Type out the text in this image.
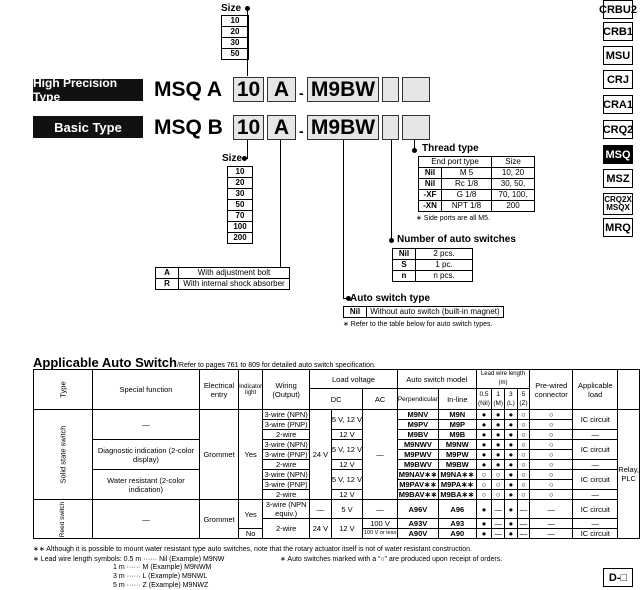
CRBU2
CRB1
MSU
CRJ
CRA1
CRQ2
MSQ
MSZ
CRQ2X MSQX
MRQ
D-□
Size
10
20
30
50
High Precision Type	MSQ A 10 A - M9BW
Basic Type	MSQ B 10 A - M9BW
Size
10
20
30
50
70
100
200
A	With adjustment bolt
R	With internal shock absorber
Thread type
End port type		Size
Nil	M 5	10, 20
Nil	Rc 1/8	30, 50,
-XF	G 1/8	70, 100,
-XN	NPT 1/8	200
∗ Side ports are all M5.
Number of auto switches
Nil	2 pcs.
S	1 pc.
n	n pcs.
Auto switch type
Nil	Without auto switch (built-in magnet)
∗ Refer to the table below for auto switch types.
Applicable Auto Switch/Refer to pages 761 to 809 for detailed auto switch specification.
Type	Special function	Electrical entry	Indicator light	Wiring (Output)	Load voltage			Auto switch model		Lead wire length (m)				Pre-wired connector	Applicable load	
					DC		AC	Perpendicular	In-line	0.5 (Nil)	1 (M)	3 (L)	5 (Z)			

Solid state switch	—	Grommet	Yes	3-wire (NPN)	24 V	5 V, 12 V	—	M9NV	M9N	●	●	●	○	○	IC circuit	Relay, PLC
				3-wire (PNP)				M9PV	M9P	●	●	●	○	○		
				2-wire		12 V		M9BV	M9B	●	●	●	○	○	—	
	Diagnostic indication (2-color display)			3-wire (NPN)		5 V, 12 V		M9NWV	M9NW	●	●	●	○	○	IC circuit	
				3-wire (PNP)				M9PWV	M9PW	●	●	●	○	○		
				2-wire		12 V		M9BWV	M9BW	●	●	●	○	○	—	
	Water resistant (2-color indication)			3-wire (NPN)		5 V, 12 V		M9NAV∗∗	M9NA∗∗	○	○	●	○	○	IC circuit	
				3-wire (PNP)				M9PAV∗∗	M9PA∗∗	○	○	●	○	○		
				2-wire		12 V		M9BAV∗∗	M9BA∗∗	○	○	●	○	○	—	
Reed switch	—	Grommet	Yes	3-wire (NPN equiv.)	—	5 V	—	A96V	A96	●	—	●	—	—	IC circuit	
				2-wire	24 V	12 V	100 V	A93V	A93	●	—	●	—	—	—	
			No				100 V or less	A90V	A90	●	—	●	—	—	IC circuit	
∗∗ Although it is possible to mount water resistant type auto switches, note that the rotary actuator itself is not of water resistant construction.
∗ Lead wire length symbols: 0.5 m ······ Nil (Example) M9NW
1 m ······ M (Example) M9NWM
3 m ······ L (Example) M9NWL
5 m ······ Z (Example) M9NWZ
∗ Auto switches marked with a “○” are produced upon receipt of orders.
